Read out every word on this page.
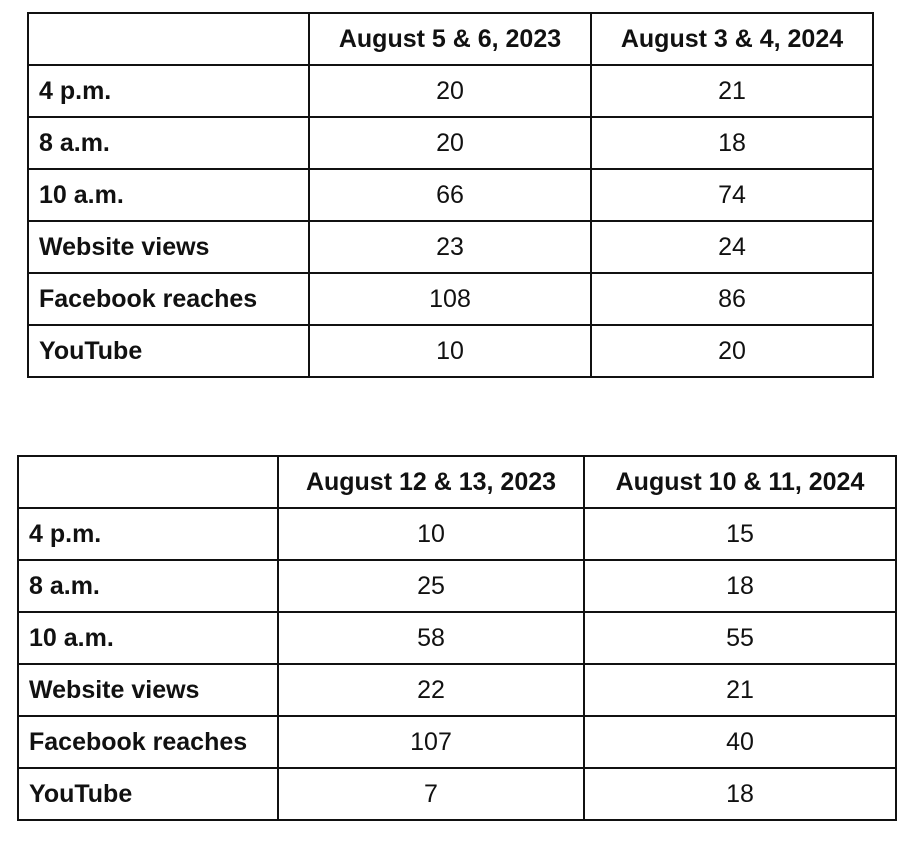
	August 5 & 6, 2023	August 3 & 4, 2024
4 p.m.	20	21
8 a.m.	20	18
10 a.m.	66	74
Website views	23	24
Facebook reaches	108	86
YouTube	10	20
	August 12 & 13, 2023	August 10 & 11, 2024
4 p.m.	10	15
8 a.m.	25	18
10 a.m.	58	55
Website views	22	21
Facebook reaches	107	40
YouTube	7	18
